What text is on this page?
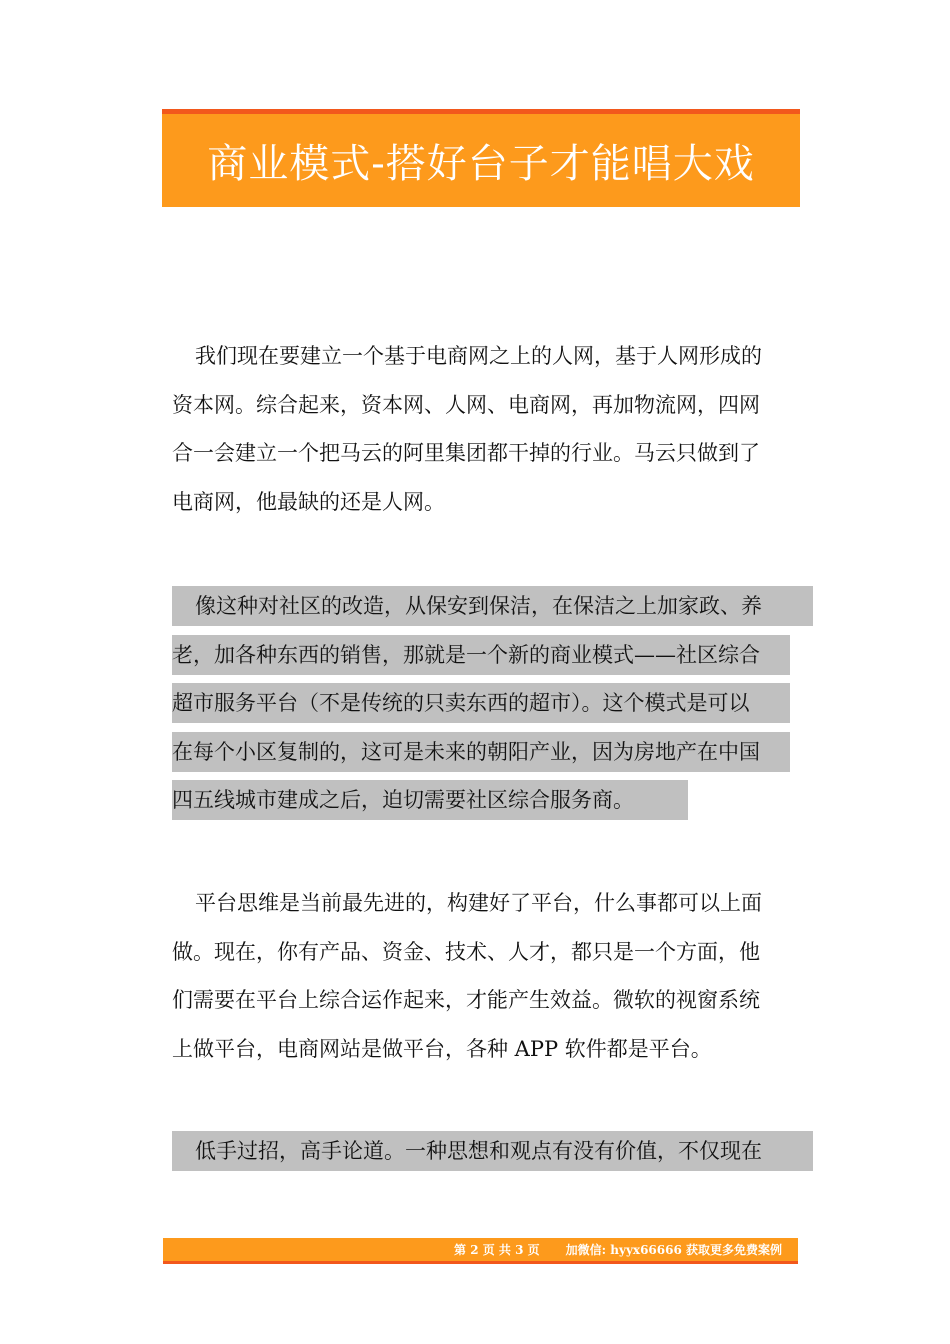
商业模式-搭好台子才能唱大戏
我们现在要建立一个基于电商网之上的人网，基于人网形成的
资本网。综合起来，资本网、人网、电商网，再加物流网，四网
合一会建立一个把马云的阿里集团都干掉的行业。马云只做到了
电商网，他最缺的还是人网。
像这种对社区的改造，从保安到保洁，在保洁之上加家政、养
老，加各种东西的销售，那就是一个新的商业模式——社区综合
超市服务平台（不是传统的只卖东西的超市）。这个模式是可以
在每个小区复制的，这可是未来的朝阳产业，因为房地产在中国
四五线城市建成之后，迫切需要社区综合服务商。
平台思维是当前最先进的，构建好了平台，什么事都可以上面
做。现在，你有产品、资金、技术、人才，都只是一个方面，他
们需要在平台上综合运作起来，才能产生效益。微软的视窗系统
上做平台，电商网站是做平台，各种 APP 软件都是平台。
低手过招，高手论道。一种思想和观点有没有价值，不仅现在
第 2 页 共 3 页 加微信: hyyx66666 获取更多免费案例
